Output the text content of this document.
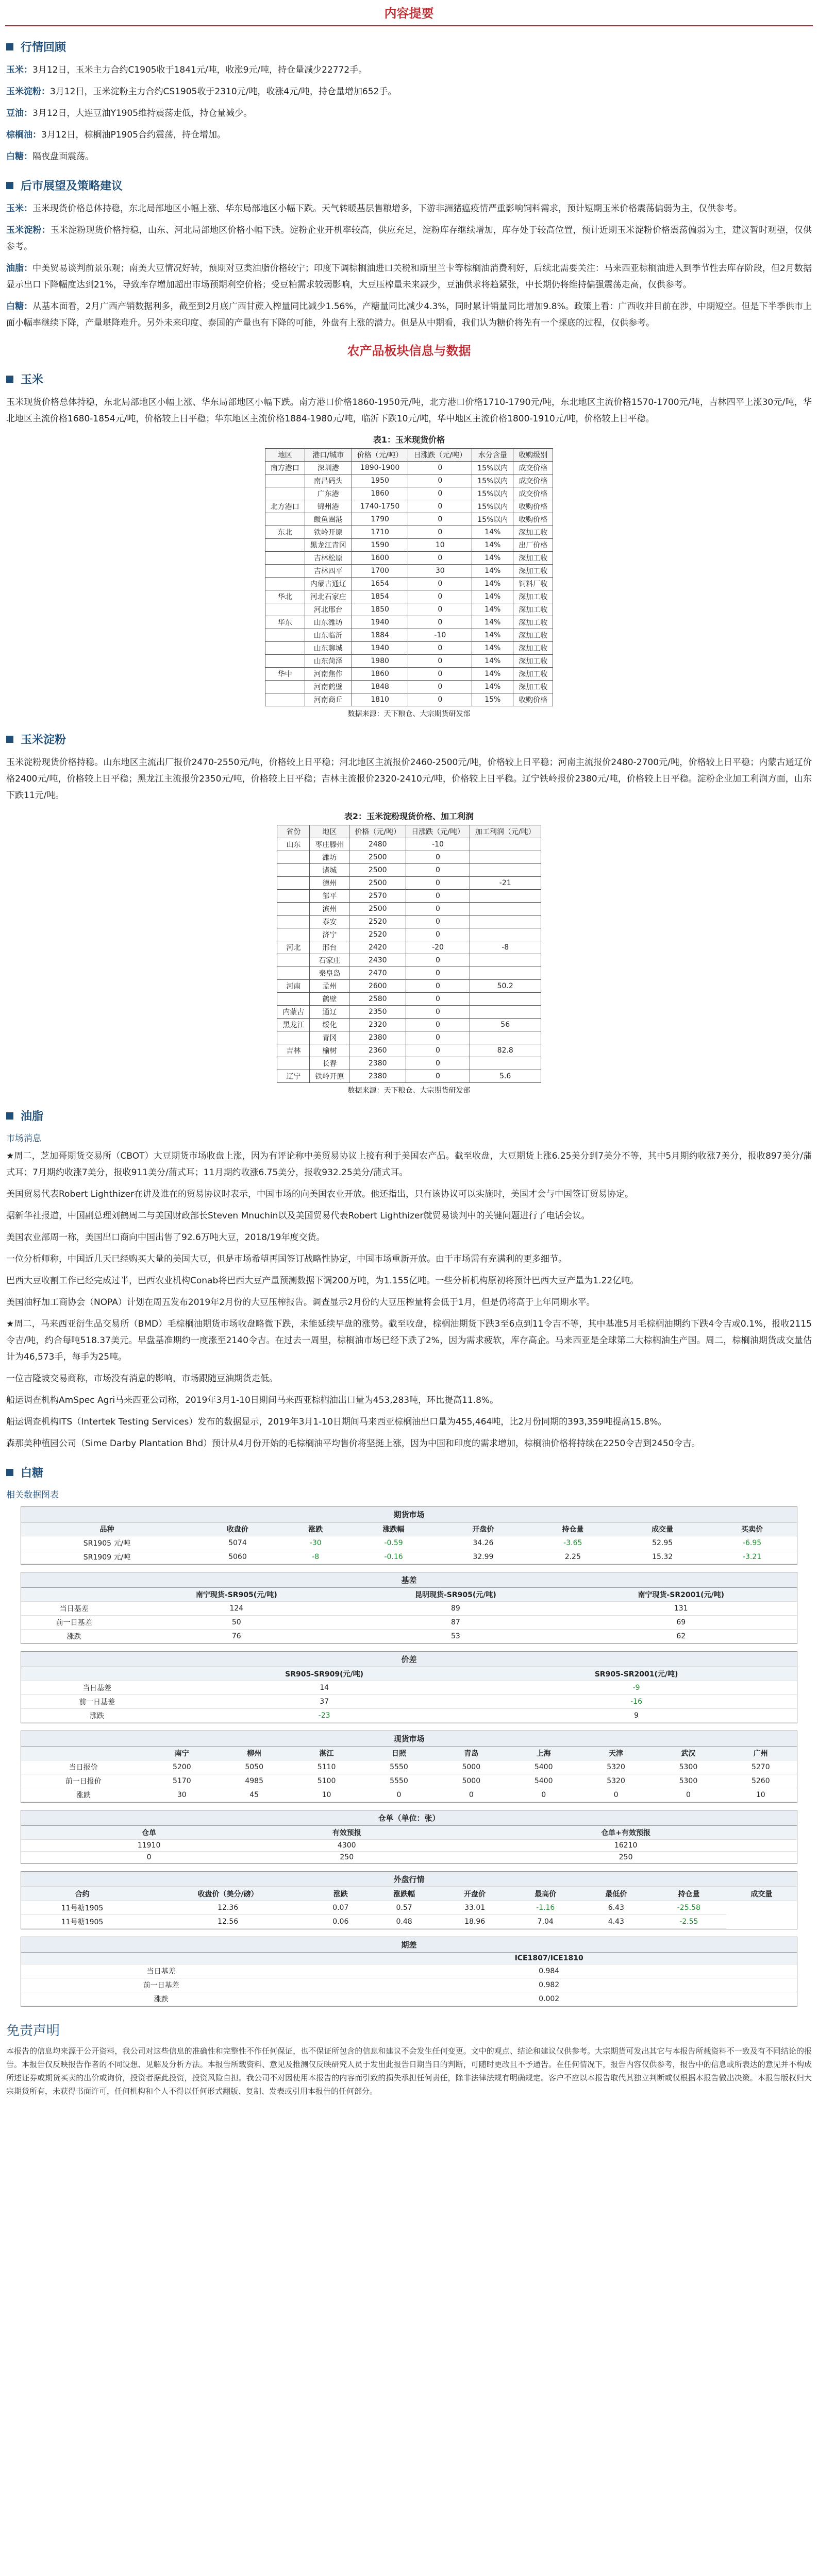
内容提要
行情回顾

玉米：3月12日，玉米主力合约C1905收于1841元/吨，收涨9元/吨，持仓量减少22772手。

玉米淀粉：3月12日，玉米淀粉主力合约CS1905收于2310元/吨，收涨4元/吨，持仓量增加652手。

豆油：3月12日，大连豆油Y1905维持震荡走低，持仓量减少。

棕榈油：3月12日，棕榈油P1905合约震荡，持仓增加。

白糖：隔夜盘面震荡。

后市展望及策略建议

玉米：玉米现货价格总体持稳，东北局部地区小幅上涨、华东局部地区小幅下跌。天气转暖基层售粮增多，下游非洲猪瘟疫情严重影响饲料需求，预计短期玉米价格震荡偏弱为主，仅供参考。

玉米淀粉：玉米淀粉现货价格持稳，山东、河北局部地区价格小幅下跌。淀粉企业开机率较高，供应充足，淀粉库存继续增加，库存处于较高位置，预计近期玉米淀粉价格震荡偏弱为主，建议暂时观望，仅供参考。

油脂：中美贸易谈判前景乐观；南美大豆情况好转，预期对豆类油脂价格较宁；印度下调棕榈油进口关税和斯里兰卡等棕榈油消费利好，后续北需要关注：马来西亚棕榈油进入到季节性去库存阶段，但2月数据显示出口下降幅度达到21%，导致库存增加超出市场预期利空价格；受豆粕需求较弱影响，大豆压榨量未来减少，豆油供求将趋紧张，中长期仍将维持偏强震荡走高，仅供参考。

白糖：从基本面看，2月广西产销数据利多，截至到2月底广西甘蔗入榨量同比减少1.56%，产糖量同比减少4.3%，同时累计销量同比增加9.8%。政策上看：广西收并目前在涉，中期短空。但是下半季供市上面小幅率继续下降，产量堪降难升。另外未来印度、泰国的产量也有下降的可能，外盘有上涨的潜力。但是从中期看，我们认为糖价将先有一个探底的过程，仅供参考。

农产品板块信息与数据
玉米

玉米现货价格总体持稳，东北局部地区小幅上涨、华东局部地区小幅下跌。南方港口价格1860-1950元/吨，北方港口价格1710-1790元/吨，东北地区主流价格1570-1700元/吨，吉林四平上涨30元/吨，华北地区主流价格1680-1854元/吨，价格较上日平稳；华东地区主流价格1884-1980元/吨，临沂下跌10元/吨，华中地区主流价格1800-1910元/吨，价格较上日平稳。

表1：玉米现货价格
地区	港口/城市	价格（元/吨）	日涨跌（元/吨）	水分含量	收购级别
南方港口	深圳港	1890-1900	0	15%以内	成交价格
	南昌码头	1950	0	15%以内	成交价格
	广东港	1860	0	15%以内	成交价格
北方港口	锦州港	1740-1750	0	15%以内	收购价格
	鲅鱼圈港	1790	0	15%以内	收购价格
东北	铁岭开原	1710	0	14%	深加工收
	黑龙江青冈	1590	10	14%	出厂价格
	吉林松原	1600	0	14%	深加工收
	吉林四平	1700	30	14%	深加工收
	内蒙古通辽	1654	0	14%	饲料厂收
华北	河北石家庄	1854	0	14%	深加工收
	河北邢台	1850	0	14%	深加工收
华东	山东潍坊	1940	0	14%	深加工收
	山东临沂	1884	-10	14%	深加工收
	山东聊城	1940	0	14%	深加工收
	山东菏泽	1980	0	14%	深加工收
华中	河南焦作	1860	0	14%	深加工收
	河南鹤壁	1848	0	14%	深加工收
	河南商丘	1810	0	15%	收购价格
数据来源：天下粮仓、大宗期货研发部
玉米淀粉

玉米淀粉现货价格持稳。山东地区主流出厂报价2470-2550元/吨，价格较上日平稳；河北地区主流报价2460-2500元/吨，价格较上日平稳；河南主流报价2480-2700元/吨，价格较上日平稳；内蒙古通辽价格2400元/吨，价格较上日平稳；黑龙江主流报价2350元/吨，价格较上日平稳；吉林主流报价2320-2410元/吨，价格较上日平稳。辽宁铁岭报价2380元/吨，价格较上日平稳。淀粉企业加工利润方面，山东下跌11元/吨。

表2：玉米淀粉现货价格、加工利润
省份	地区	价格（元/吨）	日涨跌（元/吨）	加工利润（元/吨）
山东	枣庄滕州	2480	-10	
	潍坊	2500	0	
	诸城	2500	0	
	德州	2500	0	-21
	邹平	2570	0	
	滨州	2500	0	
	泰安	2520	0	
	济宁	2520	0	
河北	邢台	2420	-20	-8
	石家庄	2430	0	
	秦皇岛	2470	0	
河南	孟州	2600	0	50.2
	鹤壁	2580	0	
内蒙古	通辽	2350	0	
黑龙江	绥化	2320	0	56
	青冈	2380	0	
吉林	榆树	2360	0	82.8
	长春	2380	0	
辽宁	铁岭开原	2380	0	5.6
数据来源：天下粮仓、大宗期货研发部
油脂
市场消息

★周二，芝加哥期货交易所（CBOT）大豆期货市场收盘上涨，因为有评论称中美贸易协议上接有利于美国农产品。截至收盘，大豆期货上涨6.25美分到7美分不等，其中5月期约收涨7美分，报收897美分/蒲式耳；7月期约收涨7美分，报收911美分/蒲式耳；11月期约收涨6.75美分，报收932.25美分/蒲式耳。

美国贸易代表Robert Lighthizer在讲及谁在的贸易协议时表示，中国市场的向美国农业开放。他还指出，只有该协议可以实施时，美国才会与中国签订贸易协定。

据新华社报道，中国副总理刘鹤周二与美国财政部长Steven Mnuchin以及美国贸易代表Robert Lighthizer就贸易谈判中的关键问题进行了电话会议。

美国农业部周一称，美国出口商向中国出售了92.6万吨大豆，2018/19年度交货。

一位分析师称，中国近几天已经购买大量的美国大豆，但是市场希望再国签订战略性协定，中国市场重新开放。由于市场需有充满利的更多细节。

巴西大豆收割工作已经完成过半，巴西农业机构Conab将巴西大豆产量预测数据下调200万吨，为1.155亿吨。一些分析机构原初将预计巴西大豆产量为1.22亿吨。

美国油籽加工商协会（NOPA）计划在周五发布2019年2月份的大豆压榨报告。调查显示2月份的大豆压榨量将会低于1月，但是仍将高于上年同期水平。

★周二，马来西亚衍生品交易所（BMD）毛棕榈油期货市场收盘略微下跌，未能延续早盘的涨势。截至收盘，棕榈油期货下跌3至6点到11令吉不等，其中基准5月毛棕榈油期约下跌4令吉或0.1%，报收2115令吉/吨，约合每吨518.37美元。早盘基准期约一度涨至2140令吉。在过去一周里，棕榈油市场已经下跌了2%，因为需求疲软，库存高企。马来西亚是全球第二大棕榈油生产国。周二，棕榈油期货成交量估计为46,573手，每手为25吨。

一位吉隆坡交易商称，市场没有消息的影响，市场跟随豆油期货走低。

船运调查机构AmSpec Agri马来西亚公司称，2019年3月1-10日期间马来西亚棕榈油出口量为453,283吨，环比提高11.8%。

船运调查机构ITS（Intertek Testing Services）发布的数据显示，2019年3月1-10日期间马来西亚棕榈油出口量为455,464吨，比2月份同期的393,359吨提高15.8%。

森那美种植园公司（Sime Darby Plantation Bhd）预计从4月份开始的毛棕榈油平均售价将坚挺上涨，因为中国和印度的需求增加，棕榈油价格将持续在2250令吉到2450令吉。

白糖
相关数据图表
期货市场
品种	收盘价	涨跌	涨跌幅	开盘价	持仓量	成交量	买卖价
SR1905 元/吨	5074	-30	-0.59	34.26	-3.65	52.95	-6.95
SR1909 元/吨	5060	-8	-0.16	32.99	2.25	15.32	-3.21
基差
	南宁现货-SR905(元/吨)	昆明现货-SR905(元/吨)	南宁现货-SR2001(元/吨)
当日基差	124	89	131
前一日基差	50	87	69
涨跌	76	53	62
价差
	SR905-SR909(元/吨)	SR905-SR2001(元/吨)
当日基差	14	-9
前一日基差	37	-16
涨跌	-23	9
现货市场
	南宁	柳州	湛江	日照	青岛	上海	天津	武汉	广州
当日报价	5200	5050	5110	5550	5000	5400	5320	5300	5270
前一日报价	5170	4985	5100	5550	5000	5400	5320	5300	5260
涨跌	30	45	10	0	0	0	0	0	10
仓单（单位：张）
	仓单	有效预报	仓单+有效预报
	11910	4300	16210
	0	250	250
外盘行情
合约	收盘价（美分/磅）	涨跌	涨跌幅	开盘价	最高价	最低价	持仓量	成交量
11号糖1905	12.36	0.07	0.57	33.01	-1.16	6.43	-25.58	
11号糖1905	12.56	0.06	0.48	18.96	7.04	4.43	-2.55	
期差
	ICE1807/ICE1810
当日基差	0.984
前一日基差	0.982
涨跌	0.002
免责声明

本报告的信息均来源于公开资料，我公司对这些信息的准确性和完整性不作任何保证，也不保证所包含的信息和建议不会发生任何变更。文中的观点、结论和建议仅供参考。大宗期货可发出其它与本报告所载资料不一致及有不同结论的报告。本报告仅反映报告作者的不同设想、见解及分析方法。本报告所载资料、意见及推测仅反映研究人员于发出此报告日期当日的判断，可随时更改且不予通告。在任何情况下，报告内容仅供参考，报告中的信息或所表达的意见并不构成所述证券或期货买卖的出价或询价，投资者据此投资，投资风险自担。我公司不对因使用本报告的内容而引致的损失承担任何责任，除非法律法规有明确规定。客户不应以本报告取代其独立判断或仅根据本报告做出决策。本报告版权归大宗期货所有，未获得书面许可，任何机构和个人不得以任何形式翻版、复制、发表或引用本报告的任何部分。
